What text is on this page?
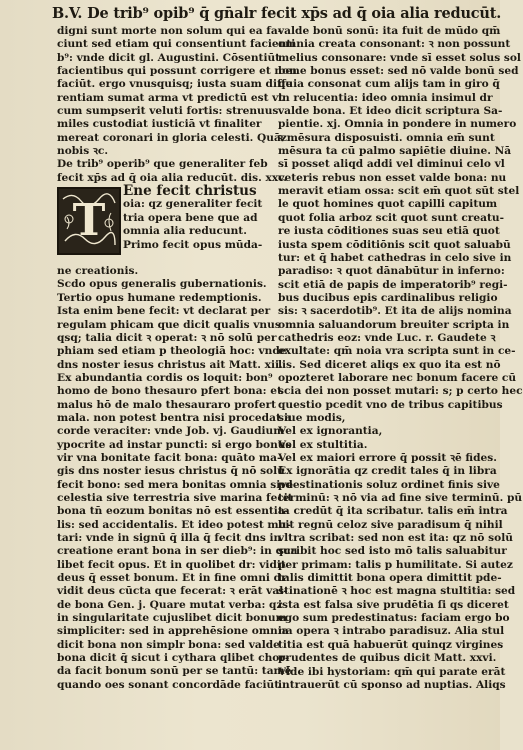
B.V. De trib⁹ opib⁹ q̄ gn̄alr fecit xp̄s ad q̄ oia alia reducūt.
digni sunt morte non solum qui ea fa-
ciunt sed etiam qui consentiunt facienti
b⁹: vnde dicit gl. Augustini. Cōsentiūt
facientibus qui possunt corrigere et non
faciūt. ergo vnusquisq; iusta suam diffe
rentiam sumat arma vt predictū est vt
cum sumpserit veluti fortis: strenuus
miles custodiat iusticiā vt finaliter
mereat coronari in gloria celesti. Quāz
nobis ꝛc.
De trib⁹ operib⁹ que generaliter feb
fecit xp̄s ad q̄ oia alia reducūt. dis. xxv.
T
Ene fecit christus
oia: qz generaliter fecit
tria opera bene que ad
omnia alia reducunt.
Primo fecit opus mūda-
ne creationis.
Scdo opus generalis gubernationis.
Tertio opus humane redemptionis.
Ista enim bene fecit: vt declarat per
regulam phicam que dicit qualis vnus
qsq; talia dicit ꝛ operat: ꝛ nō solū per
phiam sed etiam p theologiā hoc: vnde
dns noster iesus christus ait Matt. xii.
Ex abundantia cordis os loquit: bon⁹
homo de bono thesauro pfert bona: et
malus hō de malo thesauraro profert
mala. non potest bentra nisi procedat a
corde veraciter: vnde Job. vj. Gaudium
ypocrite ad instar puncti: si ergo bonus
vir vna bonitate facit bona: quāto ma-
gis dns noster iesus christus q̄ nō solū
fecit bono: sed mera bonitas omnia sive
celestia sive terrestria sive marina fecit
bona tn̄ eozum bonitas nō est essentia-
lis: sed accidentalis. Et ideo potest mu-
tari: vnde in signū q̄ illa q̄ fecit dns in
creatione erant bona in ser dieb⁹: in qua
libet fecit opus. Et in quolibet dr: vidit
deus q̄ esset bonum. Et in fine omni dr
vidit deus cūcta que fecerat: ꝛ erāt val-
de bona Gen. j. Quare mutat verba: qz
in singularitate cujuslibet dicit bonum
simpliciter: sed in apprehēsione omnia
dicit bona non simplr bona: sed valde
bona dicit q̄ sicut i cythara qlibet chor-
da facit bonum sonū per se tantū: tamē
quando oes sonant concordāde faciūt
valde bonū sonū: ita fuit de mūdo qm̄
omnia creata consonant: ꝛ non possunt
melius consonare: vnde sī esset solus sol
bene bonus esset: sed nō valde bonū sed
quia consonat cum alijs tam in giro q̄
in relucentia: ideo omnia insimul dr
valde bona. Et ideo dicit scriptura Sa-
pientie. xj. Omnia in pondere in numero
ꝛ mēsura disposuisti. omnia em̄ sunt
mēsura ta cū palmo sapiētie diuine. Nā
sī posset aliqd addi vel diminui celo vl
ceteris rebus non esset valde bona: nu
meravit etiam ossa: scit em̄ quot sūt stel
le quot homines quot capilli capitum
quot folia arboz scit quot sunt creatu-
re iusta cōditiones suas seu etiā quot
iusta spem cōditiōnis scit quot saluabū
tur: et q̄ habet cathedras in celo sive in
paradiso: ꝛ quot dānabūtur in inferno:
scit etiā de papis de imperatorib⁹ regi-
bus ducibus epis cardinalibus religio
sis: ꝛ sacerdotib⁹. Et ita de alijs nomina
omnia saluandorum breuiter scripta in
cathedris eoz: vnde Luc. r. Gaudete ꝛ
exultate: qm̄ noia vra scripta sunt in ce-
lis. Sed diceret aliqs ex quo ita est nō
opozteret laborare nec bonum facere cū
scia dei non posset mutari: s; p certo hec
questio pcedit vno de tribus capitibus
siue modis,
Vel ex ignorantia,
Vel ex stultitia.
Vel ex maiori errore q̄ possit ꝛē fides.
Ex ignorātia qz credit tales q̄ in libra
pdestinationis soluz ordinet finis sive
terminū: ꝛ nō via ad fine sive terminū. pū
ta credūt q̄ ita scribatur. talis em̄ intra
bit regnū celoz sive paradisum q̄ nihil
vltra scribat: sed non est ita: qz nō solū
scribit hoc sed isto mō talis saluabitur
per primam: talis p humilitate. Si autez
talis dimittit bona opera dimittit pde-
stinationē ꝛ hoc est magna stultitia: sed
ista est falsa sive prudētia ſi qs diceret
ego sum predestinatus: faciam ergo bo
na opera ꝛ intrabo paradisuz. Alia stul
titia est quā habuerūt quinqz virgines
prudentes de quibus dicit Matt. xxvi.
Vide ibi hystoriam: qm̄ qui parate erāt
intrauerūt cū sponso ad nuptias. Aliqs
